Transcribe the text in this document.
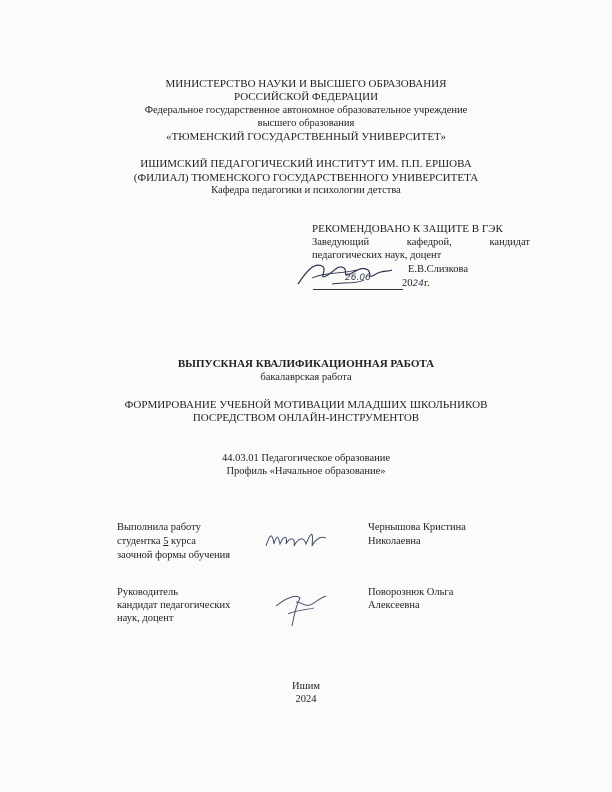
МИНИСТЕРСТВО НАУКИ И ВЫСШЕГО ОБРАЗОВАНИЯ
РОССИЙСКОЙ ФЕДЕРАЦИИ
Федеральное государственное автономное образовательное учреждение
высшего образования
«ТЮМЕНСКИЙ ГОСУДАРСТВЕННЫЙ УНИВЕРСИТЕТ»
ИШИМСКИЙ ПЕДАГОГИЧЕСКИЙ ИНСТИТУТ ИМ. П.П. ЕРШОВА
(ФИЛИАЛ) ТЮМЕНСКОГО ГОСУДАРСТВЕННОГО УНИВЕРСИТЕТА
Кафедра педагогики и психологии детства
РЕКОМЕНДОВАНО К ЗАЩИТЕ В ГЭК
Заведующий кафедрой, кандидат
педагогических наук, доцент
Е.В.Слизкова
2024г.
26.06
ВЫПУСКНАЯ КВАЛИФИКАЦИОННАЯ РАБОТА
бакалаврская работа
ФОРМИРОВАНИЕ УЧЕБНОЙ МОТИВАЦИИ МЛАДШИХ ШКОЛЬНИКОВ
ПОСРЕДСТВОМ ОНЛАЙН-ИНСТРУМЕНТОВ
44.03.01 Педагогическое образование
Профиль «Начальное образование»
Выполнила работу
студентка 5 курса
заочной формы обучения
Чернышова Кристина
Николаевна
Руководитель
кандидат педагогических
наук, доцент
Поворознюк Ольга
Алексеевна
Ишим
2024
